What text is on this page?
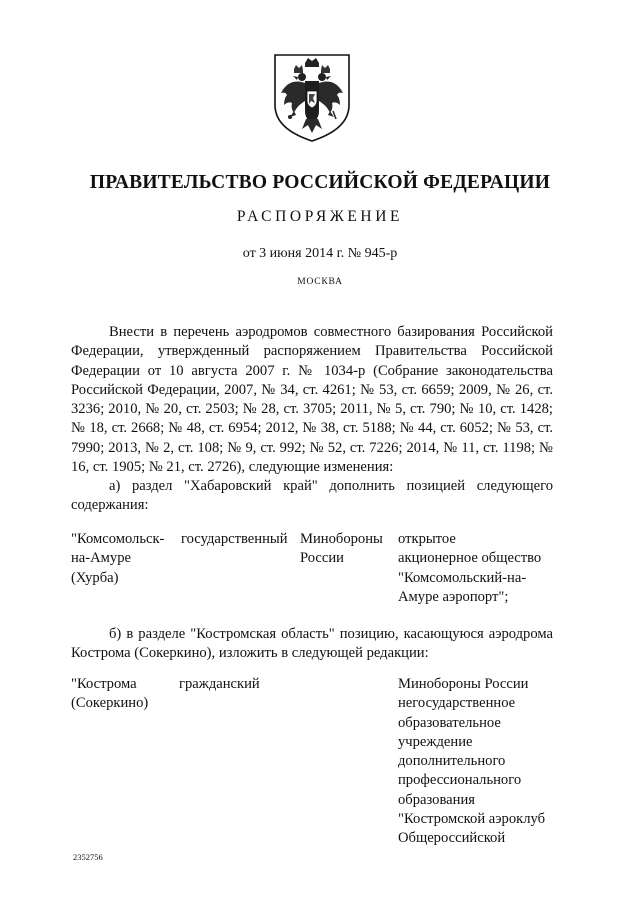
ПРАВИТЕЛЬСТВО РОССИЙСКОЙ ФЕДЕРАЦИИ
РАСПОРЯЖЕНИЕ
от 3 июня 2014 г. № 945-р
МОСКВА

Внести в перечень аэродромов совместного базирования Российской Федерации, утвержденный распоряжением Правительства Российской Федерации от 10 августа 2007 г. № 1034-р (Собрание законодательства Российской Федерации, 2007, № 34, ст. 4261; № 53, ст. 6659; 2009, № 26, ст. 3236; 2010, № 20, ст. 2503; № 28, ст. 3705; 2011, № 5, ст. 790; № 10, ст. 1428; № 18, ст. 2668; № 48, ст. 6954; 2012, № 38, ст. 5188; № 44, ст. 6052; № 53, ст. 7990; 2013, № 2, ст. 108; № 9, ст. 992; № 52, ст. 7226; 2014, № 11, ст. 1198; № 16, ст. 1905; № 21, ст. 2726), следующие изменения:

а) раздел "Хабаровский край" дополнить позицией следующего содержания:

"Комсомольск-
на-Амуре
(Хурба)
государственный Минобороны
России
открытое
акционерное общество
"Комсомольский-на-
Амуре аэропорт";

б) в разделе "Костромская область" позицию, касающуюся аэродрома Кострома (Сокеркино), изложить в следующей редакции:

"Кострома
(Сокеркино)
гражданский	Минобороны России
негосударственное
образовательное
учреждение
дополнительного
профессионального
образования
"Костромской аэроклуб
Общероссийской
2352756
